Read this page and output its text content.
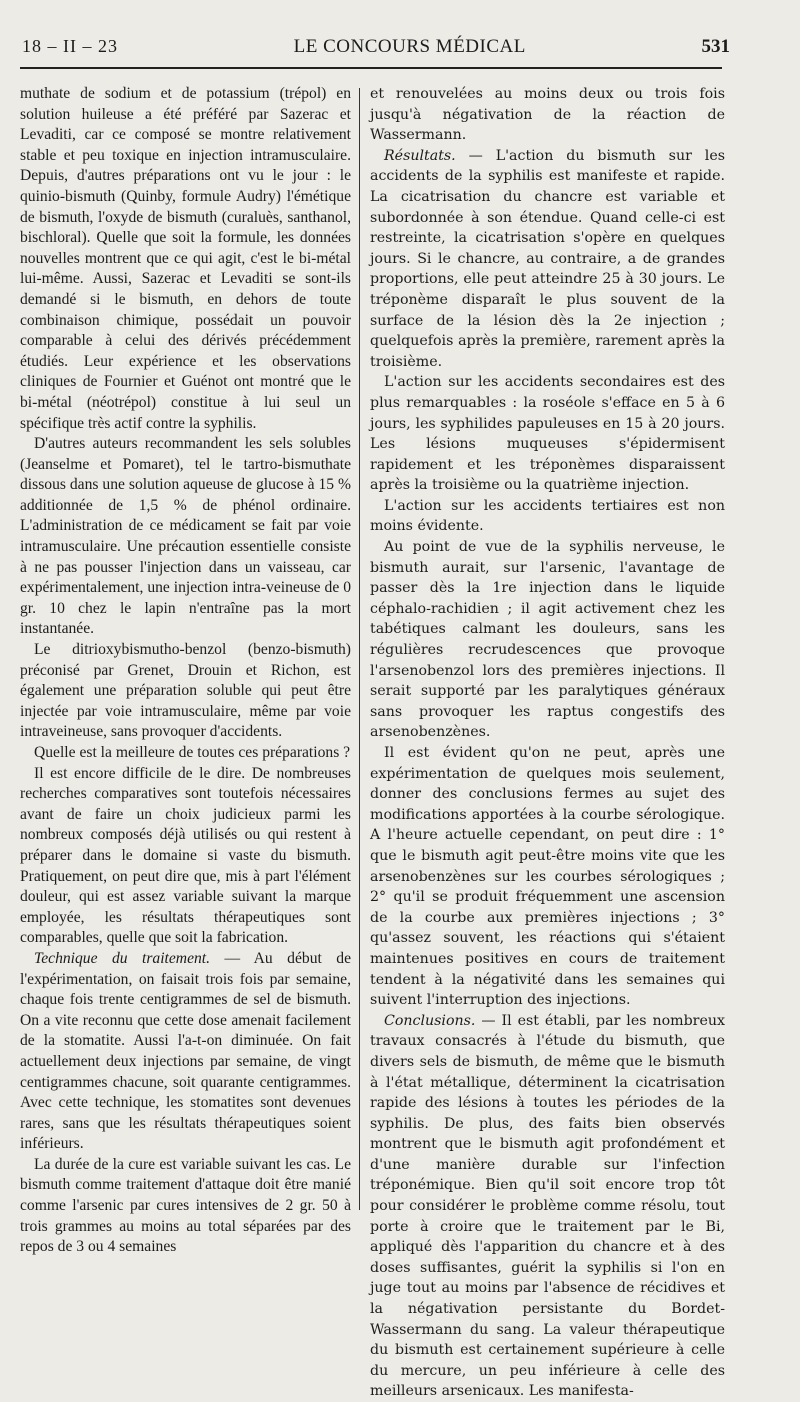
18 – II – 23	LE CONCOURS MÉDICAL	531

muthate de sodium et de potassium (trépol) en solution huileuse a été préféré par Sazerac et Levaditi, car ce composé se montre relativement stable et peu toxique en injection intramusculaire. Depuis, d'autres préparations ont vu le jour : le quinio-bismuth (Quinby, formule Audry) l'émétique de bismuth, l'oxyde de bismuth (curaluès, santhanol, bischloral). Quelle que soit la formule, les données nouvelles montrent que ce qui agit, c'est le bi-métal lui-même. Aussi, Sazerac et Levaditi se sont-ils demandé si le bismuth, en dehors de toute combinaison chimique, possédait un pouvoir comparable à celui des dérivés précédemment étudiés. Leur expérience et les observations cliniques de Fournier et Guénot ont montré que le bi-métal (néotrépol) constitue à lui seul un spécifique très actif contre la syphilis.

D'autres auteurs recommandent les sels solubles (Jeanselme et Pomaret), tel le tartro-bismuthate dissous dans une solution aqueuse de glucose à 15 % additionnée de 1,5 % de phénol ordinaire. L'administration de ce médicament se fait par voie intramusculaire. Une précaution essentielle consiste à ne pas pousser l'injection dans un vaisseau, car expérimentalement, une injection intra-veineuse de 0 gr. 10 chez le lapin n'entraîne pas la mort instantanée.

Le ditrioxybismutho-benzol (benzo-bismuth) préconisé par Grenet, Drouin et Richon, est également une préparation soluble qui peut être injectée par voie intramusculaire, même par voie intraveineuse, sans provoquer d'accidents.

Quelle est la meilleure de toutes ces préparations ?

Il est encore difficile de le dire. De nombreuses recherches comparatives sont toutefois nécessaires avant de faire un choix judicieux parmi les nombreux composés déjà utilisés ou qui restent à préparer dans le domaine si vaste du bismuth. Pratiquement, on peut dire que, mis à part l'élément douleur, qui est assez variable suivant la marque employée, les résultats thérapeutiques sont comparables, quelle que soit la fabrication.

Technique du traitement. — Au début de l'expérimentation, on faisait trois fois par semaine, chaque fois trente centigrammes de sel de bismuth. On a vite reconnu que cette dose amenait facilement de la stomatite. Aussi l'a-t-on diminuée. On fait actuellement deux injections par semaine, de vingt centigrammes chacune, soit quarante centigrammes. Avec cette technique, les stomatites sont devenues rares, sans que les résultats thérapeutiques soient inférieurs.

La durée de la cure est variable suivant les cas. Le bismuth comme traitement d'attaque doit être manié comme l'arsenic par cures intensives de 2 gr. 50 à trois grammes au moins au total séparées par des repos de 3 ou 4 semaines

et renouvelées au moins deux ou trois fois jusqu'à négativation de la réaction de Wassermann.

Résultats. — L'action du bismuth sur les accidents de la syphilis est manifeste et rapide. La cicatrisation du chancre est variable et subordonnée à son étendue. Quand celle-ci est restreinte, la cicatrisation s'opère en quelques jours. Si le chancre, au contraire, a de grandes proportions, elle peut atteindre 25 à 30 jours. Le tréponème disparaît le plus souvent de la surface de la lésion dès la 2e injection ; quelquefois après la première, rarement après la troisième.

L'action sur les accidents secondaires est des plus remarquables : la roséole s'efface en 5 à 6 jours, les syphilides papuleuses en 15 à 20 jours. Les lésions muqueuses s'épidermisent rapidement et les tréponèmes disparaissent après la troisième ou la quatrième injection.

L'action sur les accidents tertiaires est non moins évidente.

Au point de vue de la syphilis nerveuse, le bismuth aurait, sur l'arsenic, l'avantage de passer dès la 1re injection dans le liquide céphalo-rachidien ; il agit activement chez les tabétiques calmant les douleurs, sans les régulières recrudescences que provoque l'arsenobenzol lors des premières injections. Il serait supporté par les paralytiques généraux sans provoquer les raptus congestifs des arsenobenzènes.

Il est évident qu'on ne peut, après une expérimentation de quelques mois seulement, donner des conclusions fermes au sujet des modifications apportées à la courbe sérologique. A l'heure actuelle cependant, on peut dire : 1° que le bismuth agit peut-être moins vite que les arsenobenzènes sur les courbes sérologiques ; 2° qu'il se produit fréquemment une ascension de la courbe aux premières injections ; 3° qu'assez souvent, les réactions qui s'étaient maintenues positives en cours de traitement tendent à la négativité dans les semaines qui suivent l'interruption des injections.

Conclusions. — Il est établi, par les nombreux travaux consacrés à l'étude du bismuth, que divers sels de bismuth, de même que le bismuth à l'état métallique, déterminent la cicatrisation rapide des lésions à toutes les périodes de la syphilis. De plus, des faits bien observés montrent que le bismuth agit profondément et d'une manière durable sur l'infection tréponémique. Bien qu'il soit encore trop tôt pour considérer le problème comme résolu, tout porte à croire que le traitement par le Bi, appliqué dès l'apparition du chancre et à des doses suffisantes, guérit la syphilis si l'on en juge tout au moins par l'absence de récidives et la négativation persistante du Bordet-Wassermann du sang. La valeur thérapeutique du bismuth est certainement supérieure à celle du mercure, un peu inférieure à celle des meilleurs arsenicaux. Les manifesta-
